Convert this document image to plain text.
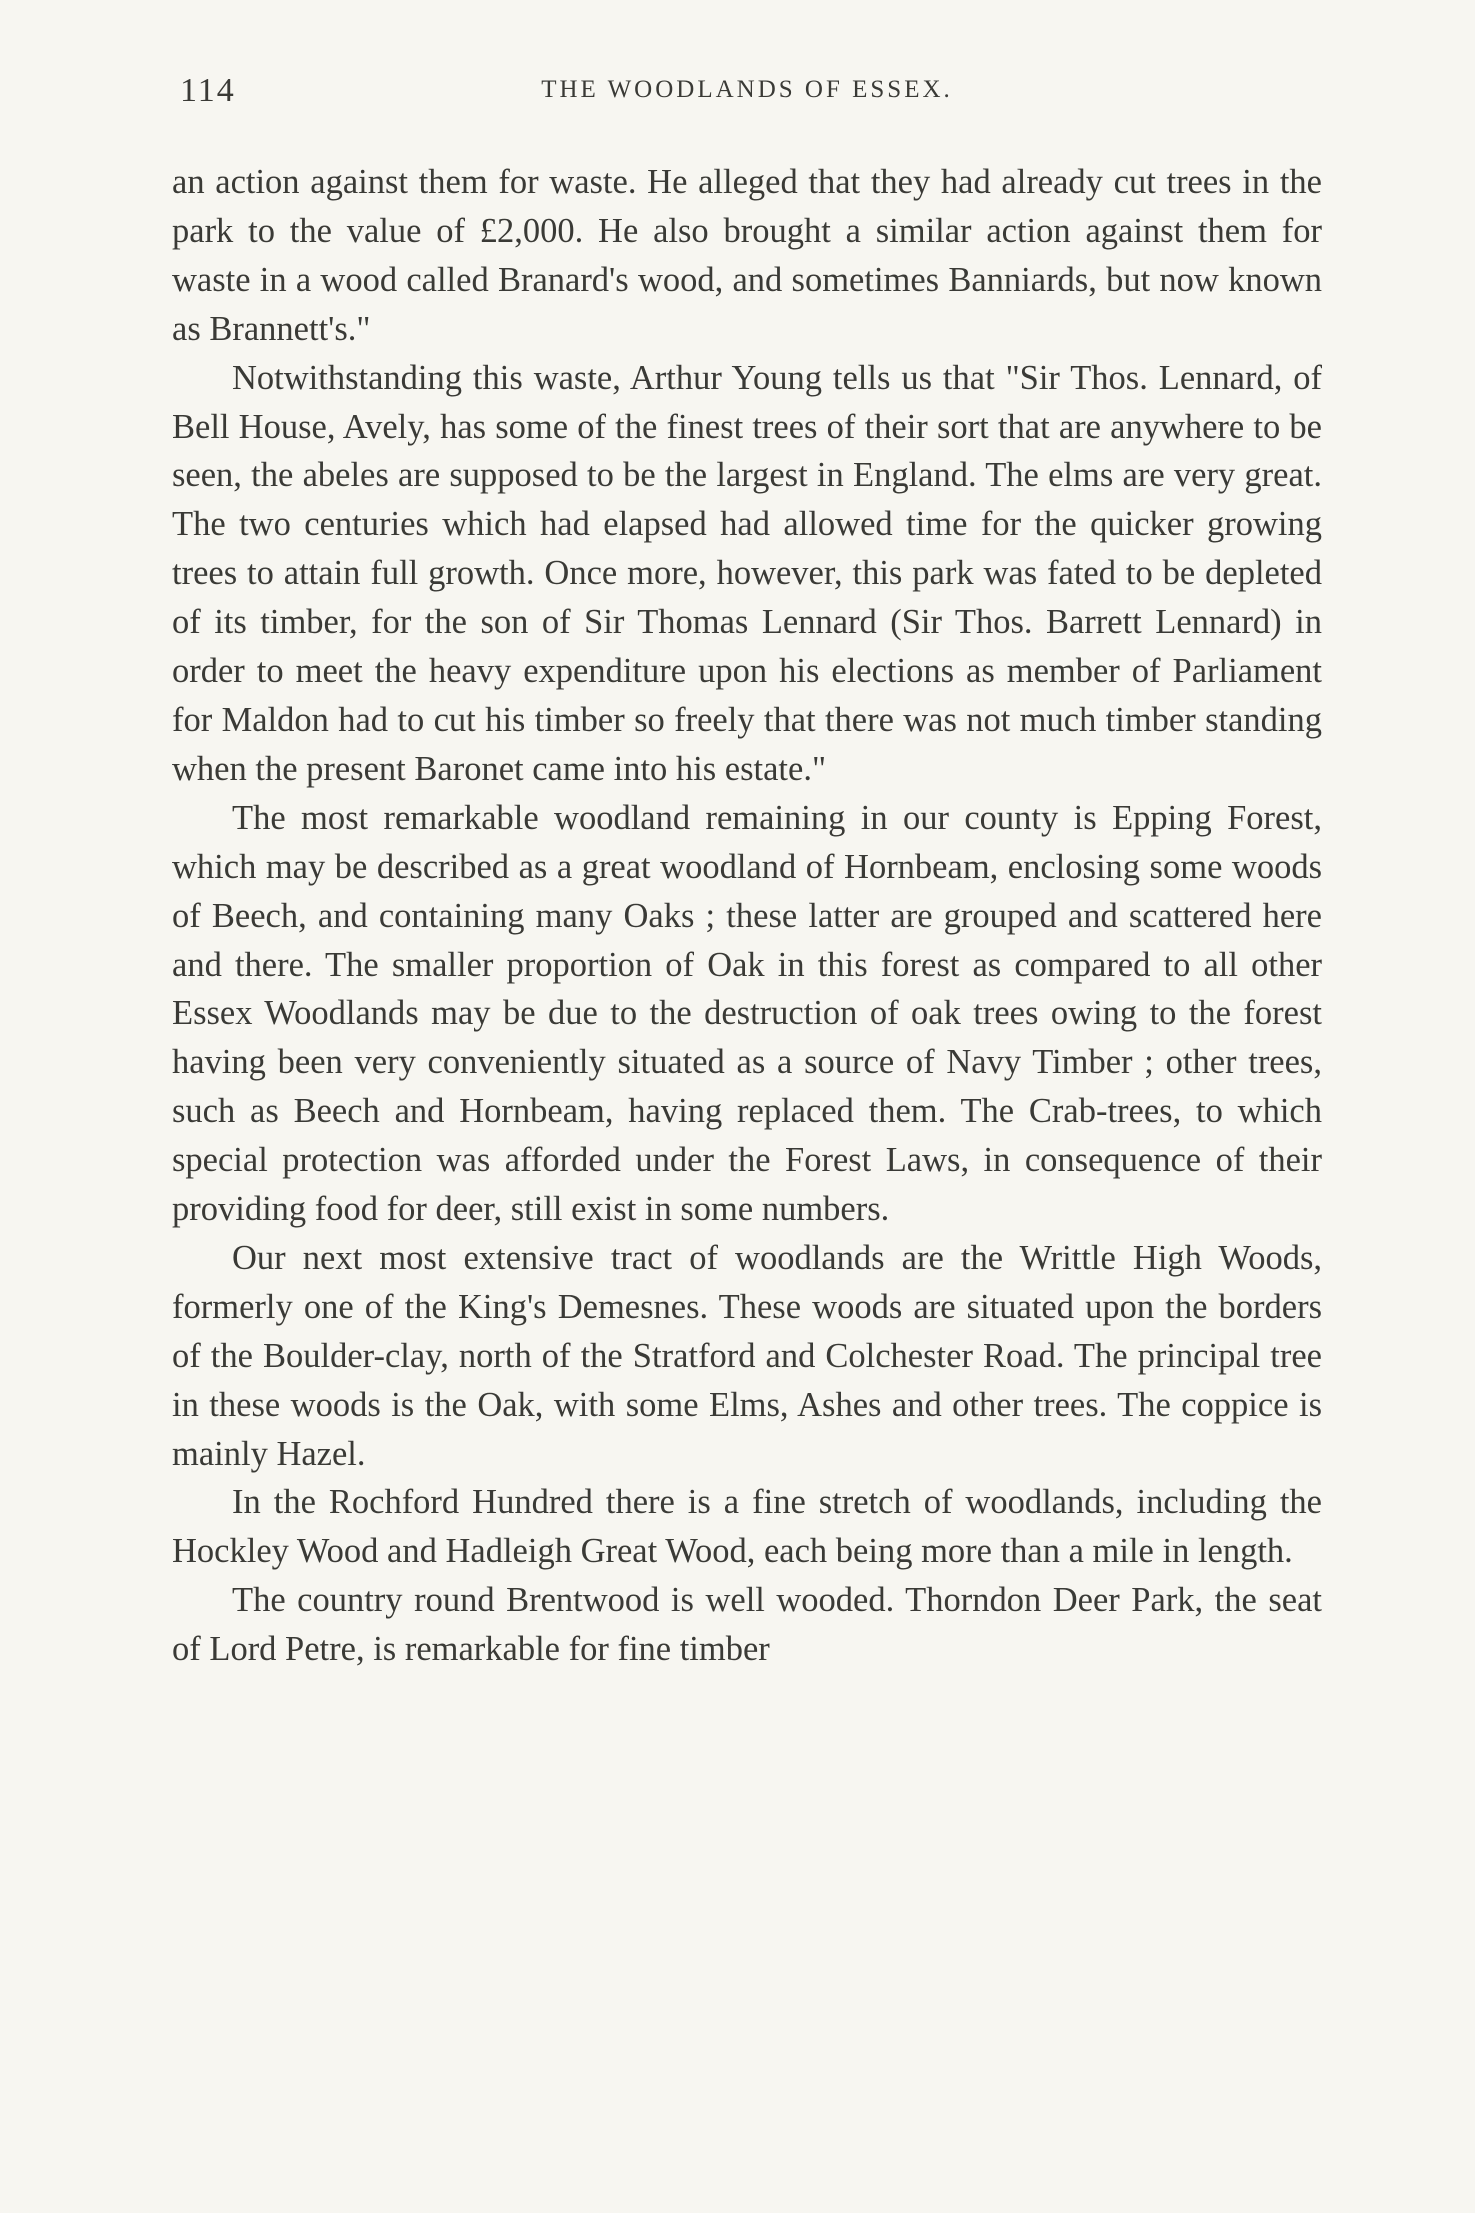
114	THE WOODLANDS OF ESSEX.

an action against them for waste. He alleged that they had already cut trees in the park to the value of £2,000. He also brought a similar action against them for waste in a wood called Branard's wood, and sometimes Banniards, but now known as Brannett's."

Notwithstanding this waste, Arthur Young tells us that "Sir Thos. Lennard, of Bell House, Avely, has some of the finest trees of their sort that are anywhere to be seen, the abeles are supposed to be the largest in England. The elms are very great. The two centuries which had elapsed had allowed time for the quicker growing trees to attain full growth. Once more, however, this park was fated to be depleted of its timber, for the son of Sir Thomas Lennard (Sir Thos. Barrett Lennard) in order to meet the heavy expenditure upon his elections as member of Parliament for Maldon had to cut his timber so freely that there was not much timber standing when the present Baronet came into his estate."

The most remarkable woodland remaining in our county is Epping Forest, which may be described as a great woodland of Hornbeam, enclosing some woods of Beech, and containing many Oaks ; these latter are grouped and scattered here and there. The smaller proportion of Oak in this forest as compared to all other Essex Woodlands may be due to the destruction of oak trees owing to the forest having been very conveniently situated as a source of Navy Timber ; other trees, such as Beech and Hornbeam, having replaced them. The Crab-trees, to which special protection was afforded under the Forest Laws, in consequence of their providing food for deer, still exist in some numbers.

Our next most extensive tract of woodlands are the Writtle High Woods, formerly one of the King's Demesnes. These woods are situated upon the borders of the Boulder-clay, north of the Stratford and Colchester Road. The principal tree in these woods is the Oak, with some Elms, Ashes and other trees. The coppice is mainly Hazel.

In the Rochford Hundred there is a fine stretch of woodlands, including the Hockley Wood and Hadleigh Great Wood, each being more than a mile in length.

The country round Brentwood is well wooded. Thorndon Deer Park, the seat of Lord Petre, is remarkable for fine timber
